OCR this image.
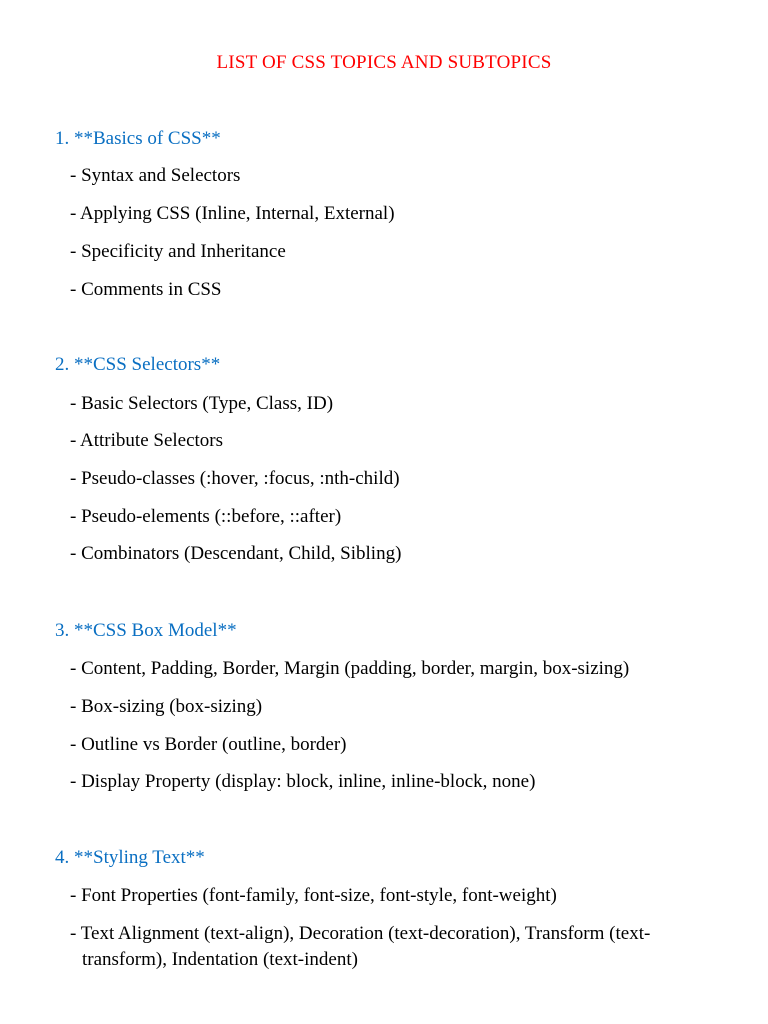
LIST OF CSS TOPICS AND SUBTOPICS
1. **Basics of CSS**
- Syntax and Selectors
- Applying CSS (Inline, Internal, External)
- Specificity and Inheritance
- Comments in CSS
2. **CSS Selectors**
- Basic Selectors (Type, Class, ID)
- Attribute Selectors
- Pseudo-classes (:hover, :focus, :nth-child)
- Pseudo-elements (::before, ::after)
- Combinators (Descendant, Child, Sibling)
3. **CSS Box Model**
- Content, Padding, Border, Margin (padding, border, margin, box-sizing)
- Box-sizing (box-sizing)
- Outline vs Border (outline, border)
- Display Property (display: block, inline, inline-block, none)
4. **Styling Text**
- Font Properties (font-family, font-size, font-style, font-weight)
- Text Alignment (text-align), Decoration (text-decoration), Transform (text-transform), Indentation (text-indent)
